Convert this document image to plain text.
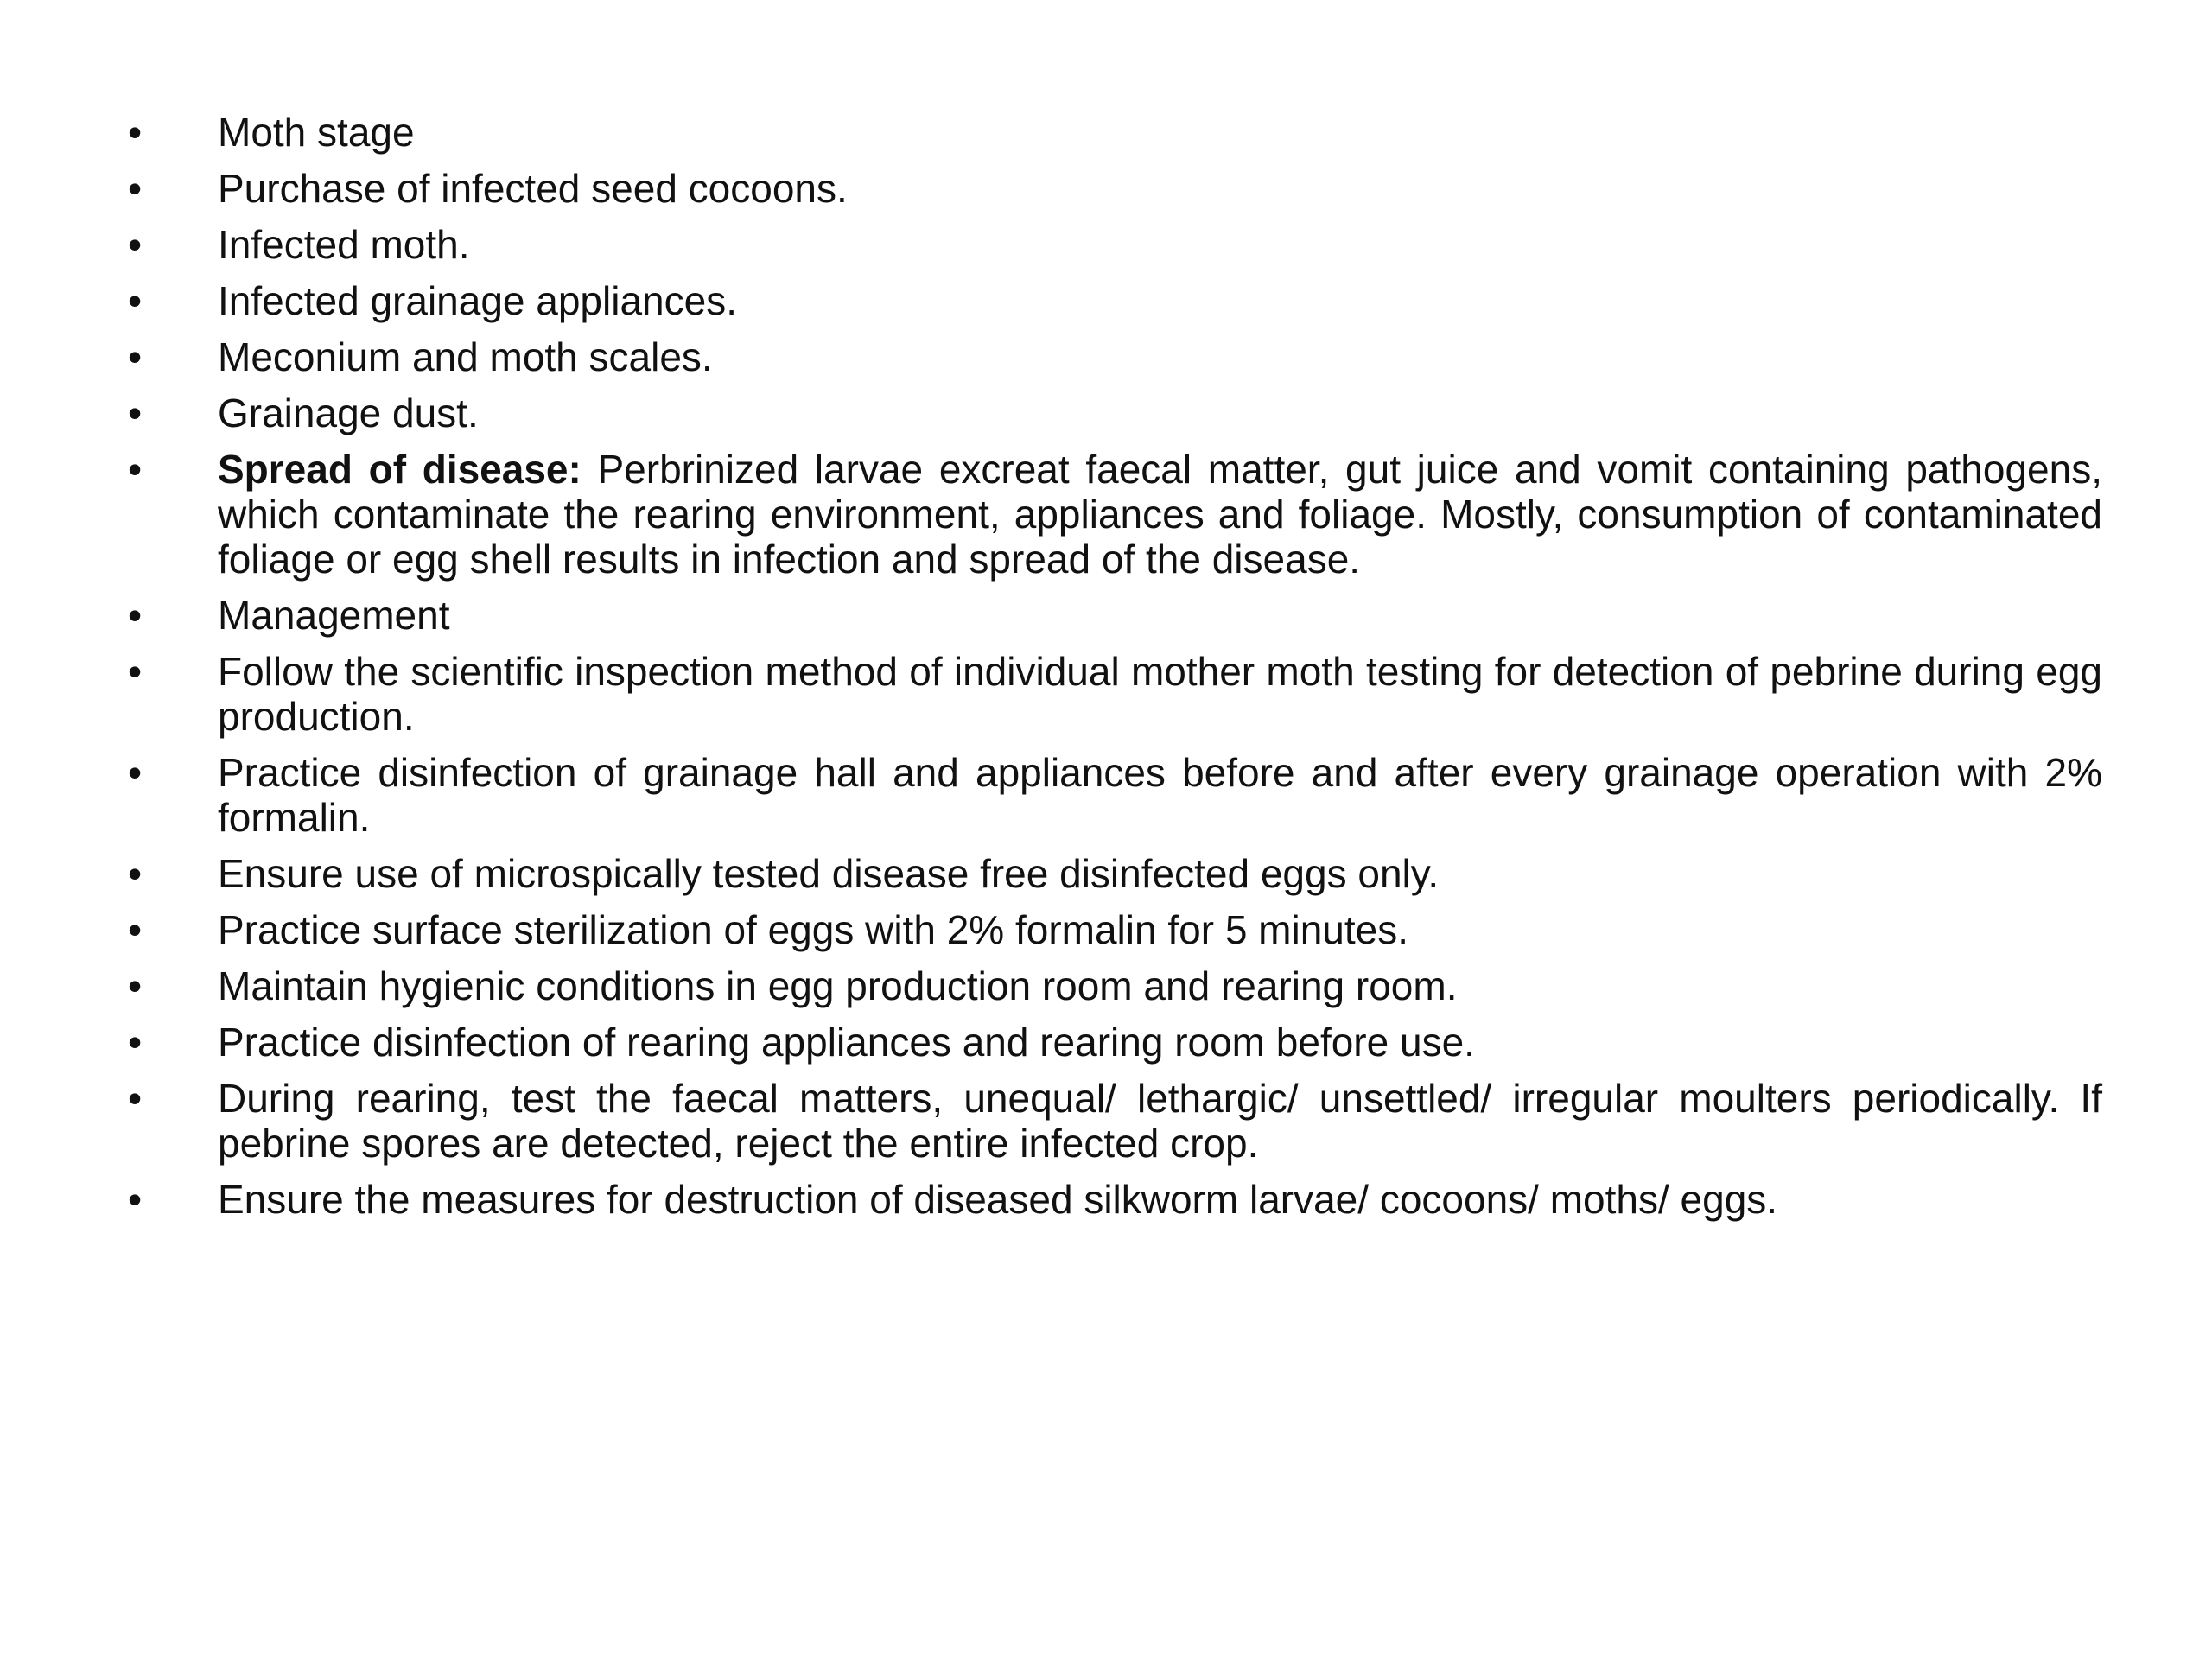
•	Moth stage
•	Purchase of infected seed cocoons.
•	Infected moth.
•	Infected grainage appliances.
•	Meconium and moth scales.
•	Grainage dust.
•	Spread of disease: Perbrinized larvae excreat faecal matter, gut juice and vomit containing pathogens, which contaminate the rearing environment, appliances and foliage. Mostly, consumption of contaminated foliage or egg shell results in infection and spread of the disease.
•	Management
•	Follow the scientific inspection method of individual mother moth testing for detection of pebrine during egg production.
•	Practice disinfection of grainage hall and appliances before and after every grainage operation with 2% formalin.
•	Ensure use of microspically tested disease free disinfected eggs only.
•	Practice surface sterilization of eggs with 2% formalin for 5 minutes.
•	Maintain hygienic conditions in egg production room and rearing room.
•	Practice disinfection of rearing appliances and rearing room before use.
•	During rearing, test the faecal matters, unequal/ lethargic/ unsettled/ irregular moulters periodically. If pebrine spores are detected, reject the entire infected crop.
•	Ensure the measures for destruction of diseased silkworm larvae/ cocoons/ moths/ eggs.
